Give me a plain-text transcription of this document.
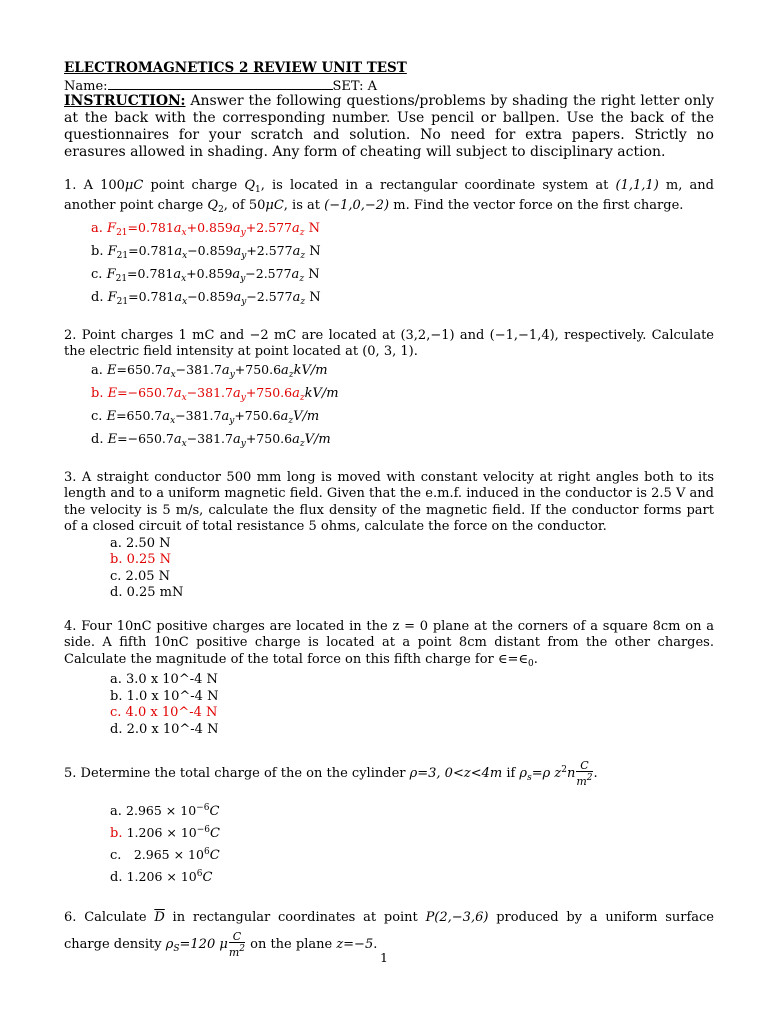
ELECTROMAGNETICS 2 REVIEW UNIT TEST
Name:	SET: A
INSTRUCTION: Answer the following questions/problems by shading the right letter only at the back with the corresponding number. Use pencil or ballpen. Use the back of the questionnaires for your scratch and solution. No need for extra papers. Strictly no erasures allowed in shading. Any form of cheating will subject to disciplinary action.
1. A 100μC point charge $Q_1$, is located in a rectangular coordinate system at (1,1,1) m, and another point charge $Q_2$, of 50μC, is at (−1,0,−2) m. Find the vector force on the first charge.
a. $F_{21}=0.781a_x+0.859a_y+2.577a_z$ N
b. $F_{21}=0.781a_x-0.859a_y+2.577a_z$ N
c. $F_{21}=0.781a_x+0.859a_y-2.577a_z$ N
d. $F_{21}=0.781a_x-0.859a_y-2.577a_z$ N
2. Point charges 1 mC and −2 mC are located at (3,2,−1) and (−1,−1,4), respectively. Calculate the electric field intensity at point located at (0, 3, 1).
a. $E=650.7a_x-381.7a_y+750.6a_zkV/m$
b. $E=-650.7a_x-381.7a_y+750.6a_zkV/m$
c. $E=650.7a_x-381.7a_y+750.6a_zV/m$
d. $E=-650.7a_x-381.7a_y+750.6a_zV/m$
3. A straight conductor 500 mm long is moved with constant velocity at right angles both to its length and to a uniform magnetic field. Given that the e.m.f. induced in the conductor is 2.5 V and the velocity is 5 m/s, calculate the flux density of the magnetic field. If the conductor forms part of a closed circuit of total resistance 5 ohms, calculate the force on the conductor.
a. 2.50 N
b. 0.25 N
c. 2.05 N
d. 0.25 mN
4. Four 10nC positive charges are located in the z = 0 plane at the corners of a square 8cm on a side. A fifth 10nC positive charge is located at a point 8cm distant from the other charges. Calculate the magnitude of the total force on this fifth charge for $\in=\in_0$.
a. 3.0 x 10^-4 N
b. 1.0 x 10^-4 N
c. 4.0 x 10^-4 N
d. 2.0 x 10^-4 N
5. Determine the total charge of the on the cylinder ρ=3, 0<z<4m if $\rho_s=\rho$ $z^2n \frac{C}{m^2}$ .
a. $2.965 \times 10^{-6}C$
b. $1.206 \times 10^{-6}C$
c. $2.965 \times 10^6C$
d. $1.206 \times 10^6C$
6. Calculate $\overline{D}$ in rectangular coordinates at point P(2,−3,6) produced by a uniform surface charge density $\rho_S=120$ μ $\frac{C}{m^2}$ on the plane z=−5.
1
